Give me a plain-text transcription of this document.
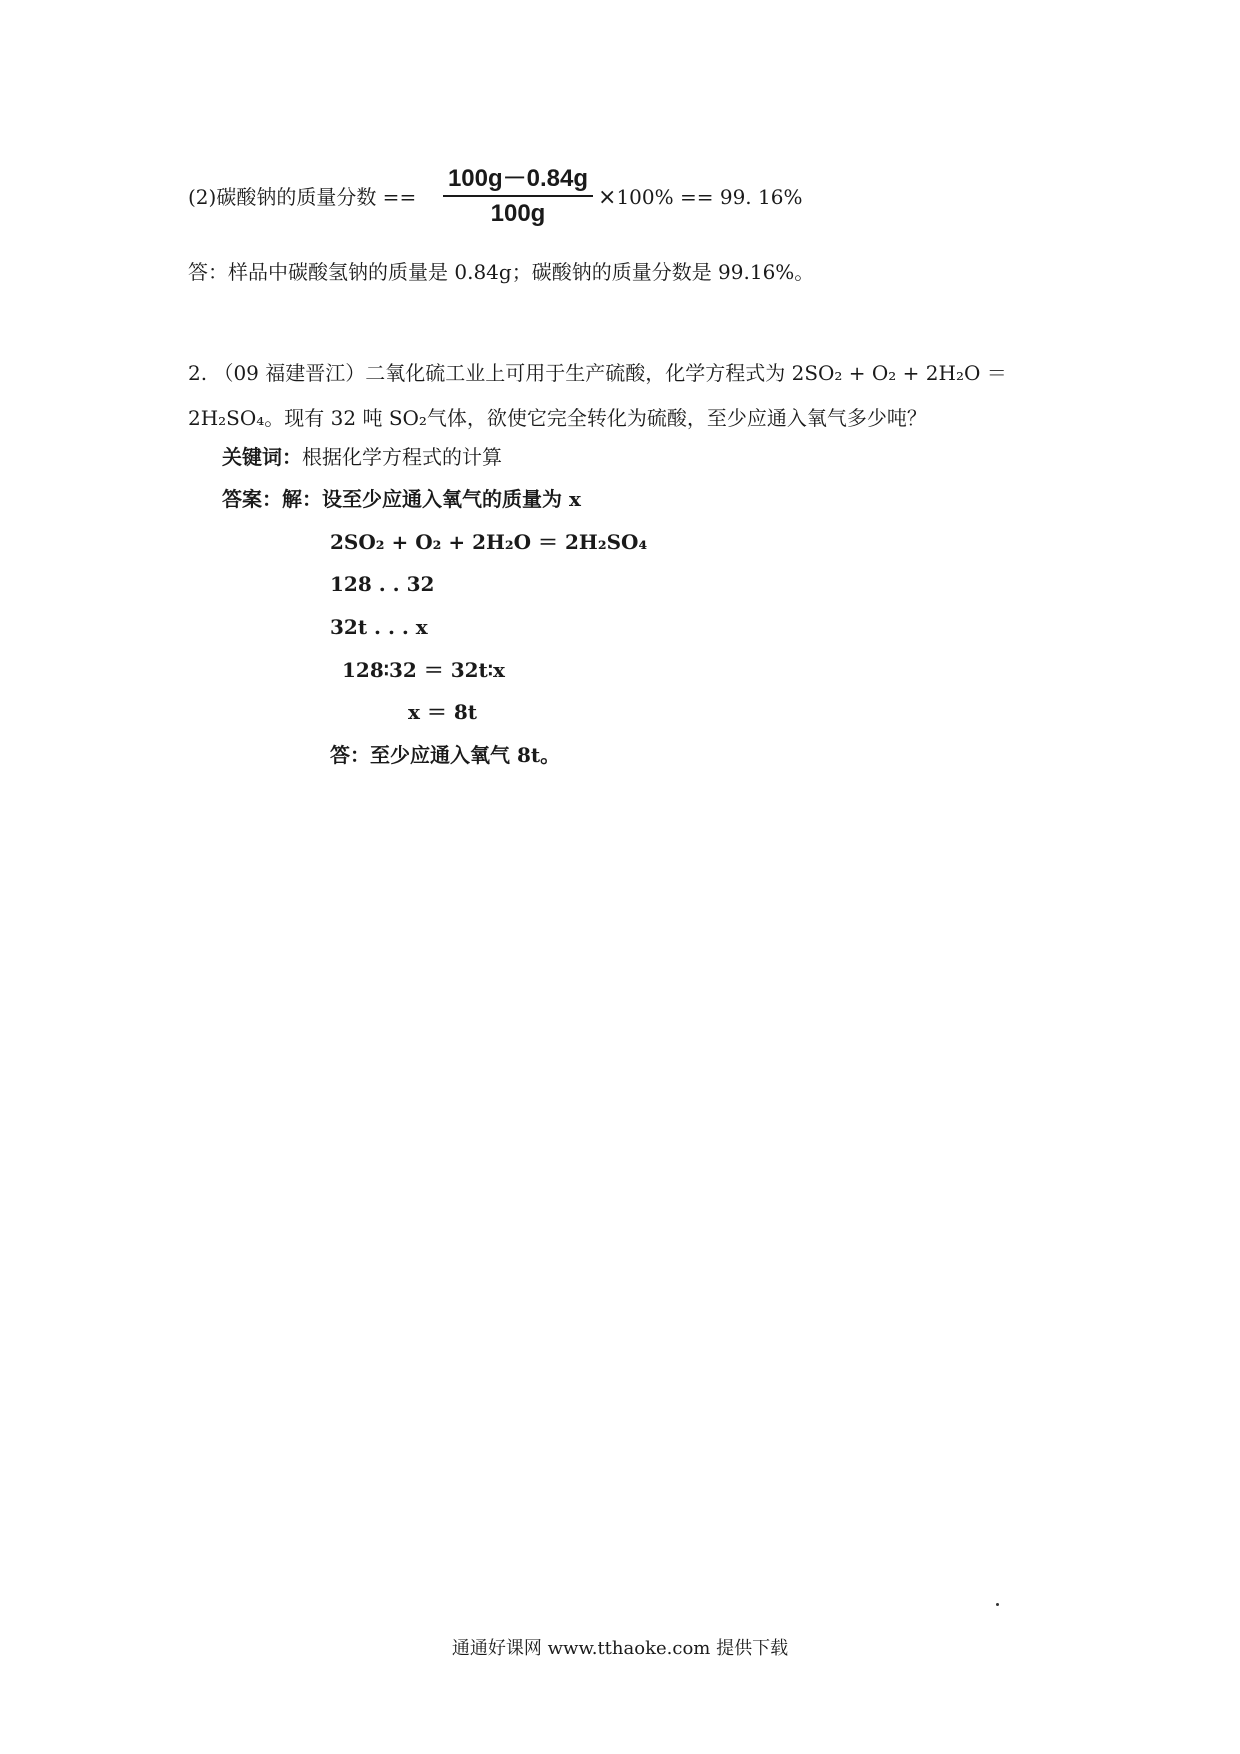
(2)碳酸钠的质量分数 == $\frac{100g-0.84g}{100g} \times 100\% == 99$. 16%
答：样品中碳酸氢钠的质量是 0.84g；碳酸钠的质量分数是 99.16%。
2. （09 福建晋江）二氧化硫工业上可用于生产硫酸，化学方程式为 2SO₂ + O₂ + 2H₂O ＝
2H₂SO₄。现有 32 吨 SO₂气体，欲使它完全转化为硫酸，至少应通入氧气多少吨？
关键词：根据化学方程式的计算
答案：解：设至少应通入氧气的质量为 x
2SO₂ + O₂ + 2H₂O ＝ 2H₂SO₄
128 . . 32
32t . . . x
128∶32 ＝ 32t∶x
x ＝ 8t
答：至少应通入氧气 8t。
通通好课网 www.tthaoke.com 提供下载
